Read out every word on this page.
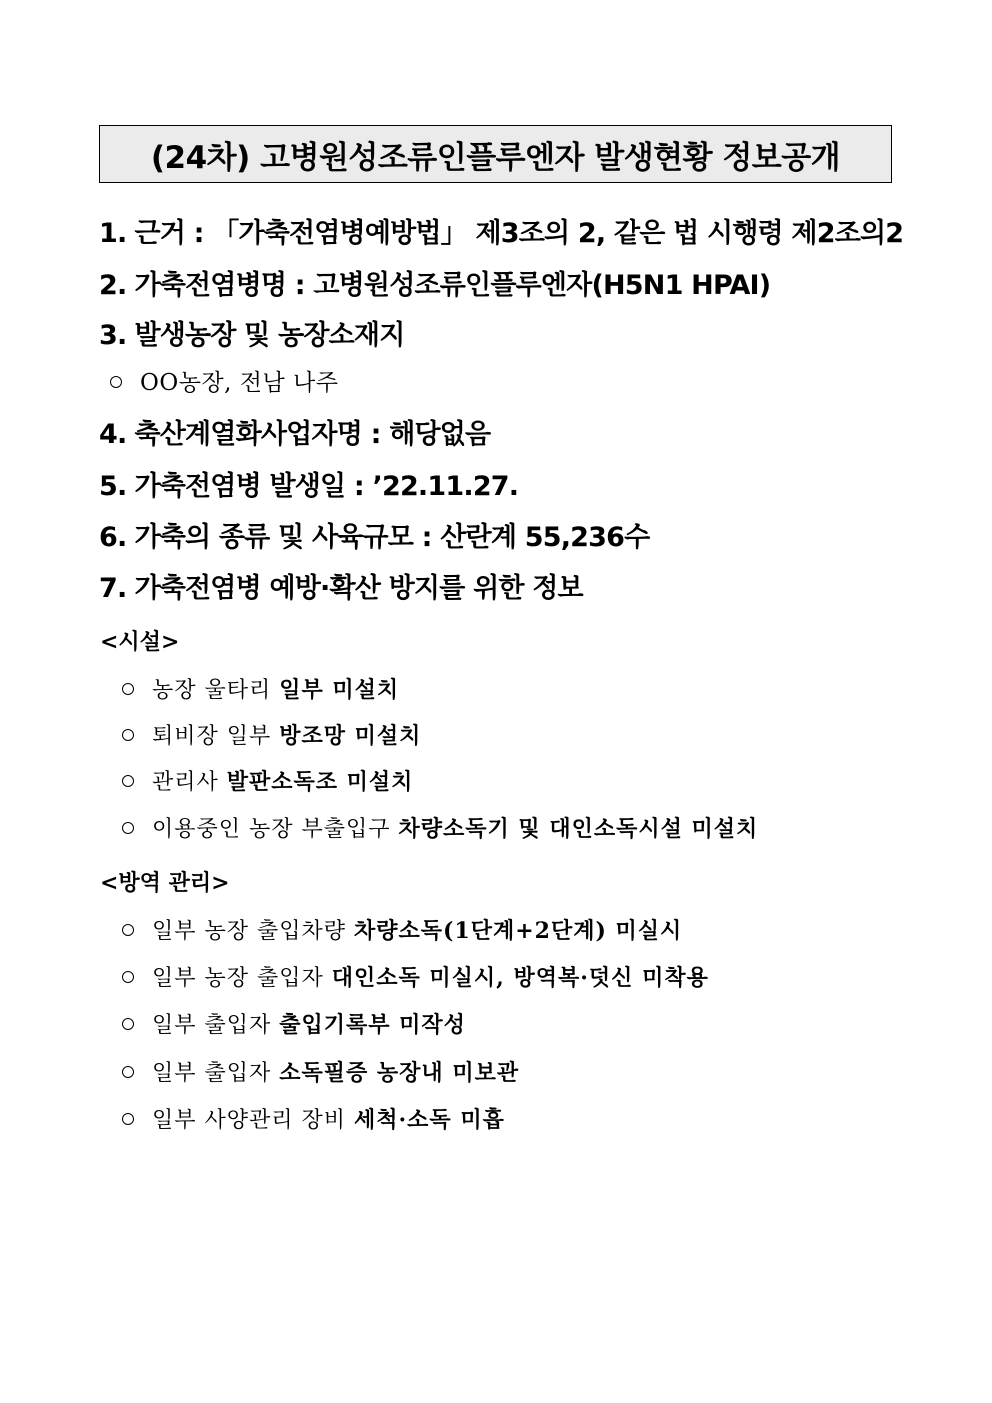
(24차) 고병원성조류인플루엔자 발생현황 정보공개
1. 근거 : 「가축전염병예방법」 제3조의 2, 같은 법 시행령 제2조의2
2. 가축전염병명 : 고병원성조류인플루엔자(H5N1 HPAI)
3. 발생농장 및 농장소재지
OO농장, 전남 나주
4. 축산계열화사업자명 : 해당없음
5. 가축전염병 발생일 : ’22.11.27.
6. 가축의 종류 및 사육규모 : 산란계 55,236수
7. 가축전염병 예방·확산 방지를 위한 정보
<시설>
농장 울타리 일부 미설치
퇴비장 일부 방조망 미설치
관리사 발판소독조 미설치
이용중인 농장 부출입구 차량소독기 및 대인소독시설 미설치
<방역 관리>
일부 농장 출입차량 차량소독(1단계+2단계) 미실시
일부 농장 출입자 대인소독 미실시, 방역복·덧신 미착용
일부 출입자 출입기록부 미작성
일부 출입자 소독필증 농장내 미보관
일부 사양관리 장비 세척·소독 미흡
